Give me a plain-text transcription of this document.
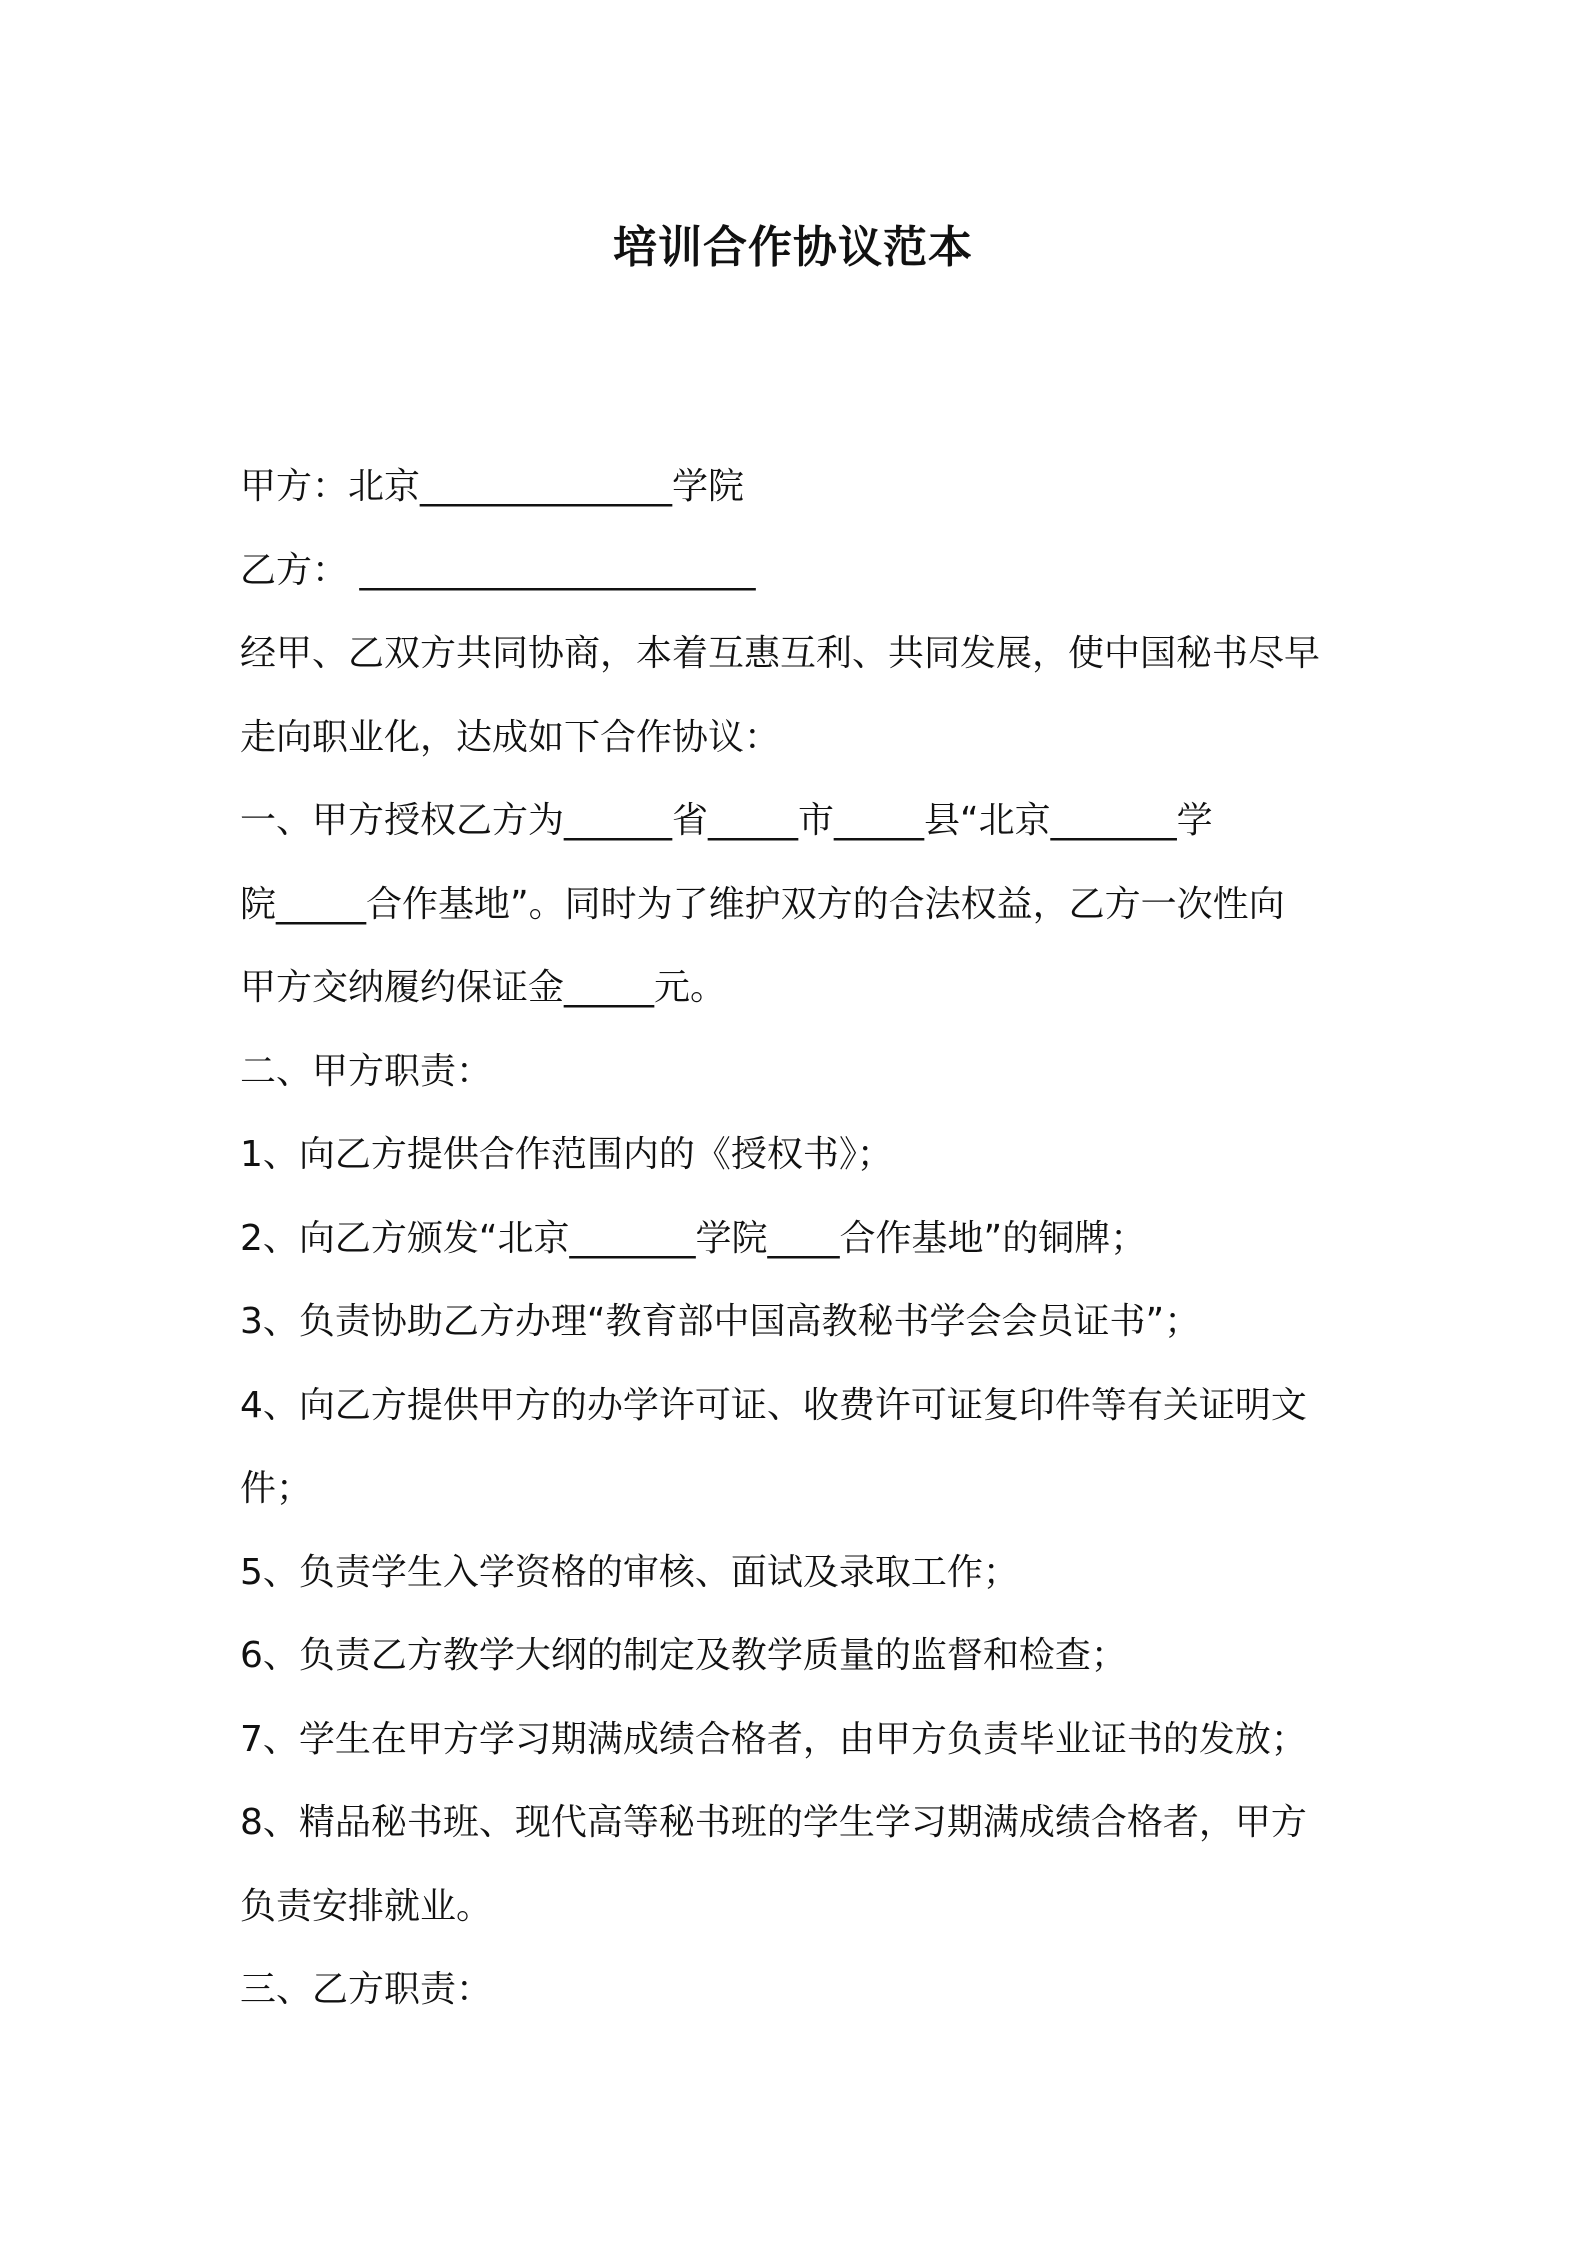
培训合作协议范本
甲方：北京______________学院
乙方： ______________________
经甲、乙双方共同协商，本着互惠互利、共同发展，使中国秘书尽早
走向职业化，达成如下合作协议：
一、甲方授权乙方为______省_____市_____县“北京_______学
院_____合作基地”。同时为了维护双方的合法权益，乙方一次性向
甲方交纳履约保证金_____元。
二、甲方职责：
1、向乙方提供合作范围内的《授权书》；
2、向乙方颁发“北京_______学院____合作基地”的铜牌；
3、负责协助乙方办理“教育部中国高教秘书学会会员证书”；
4、向乙方提供甲方的办学许可证、收费许可证复印件等有关证明文
件；
5、负责学生入学资格的审核、面试及录取工作；
6、负责乙方教学大纲的制定及教学质量的监督和检查；
7、学生在甲方学习期满成绩合格者，由甲方负责毕业证书的发放；
8、精品秘书班、现代高等秘书班的学生学习期满成绩合格者，甲方
负责安排就业。
三、乙方职责：
